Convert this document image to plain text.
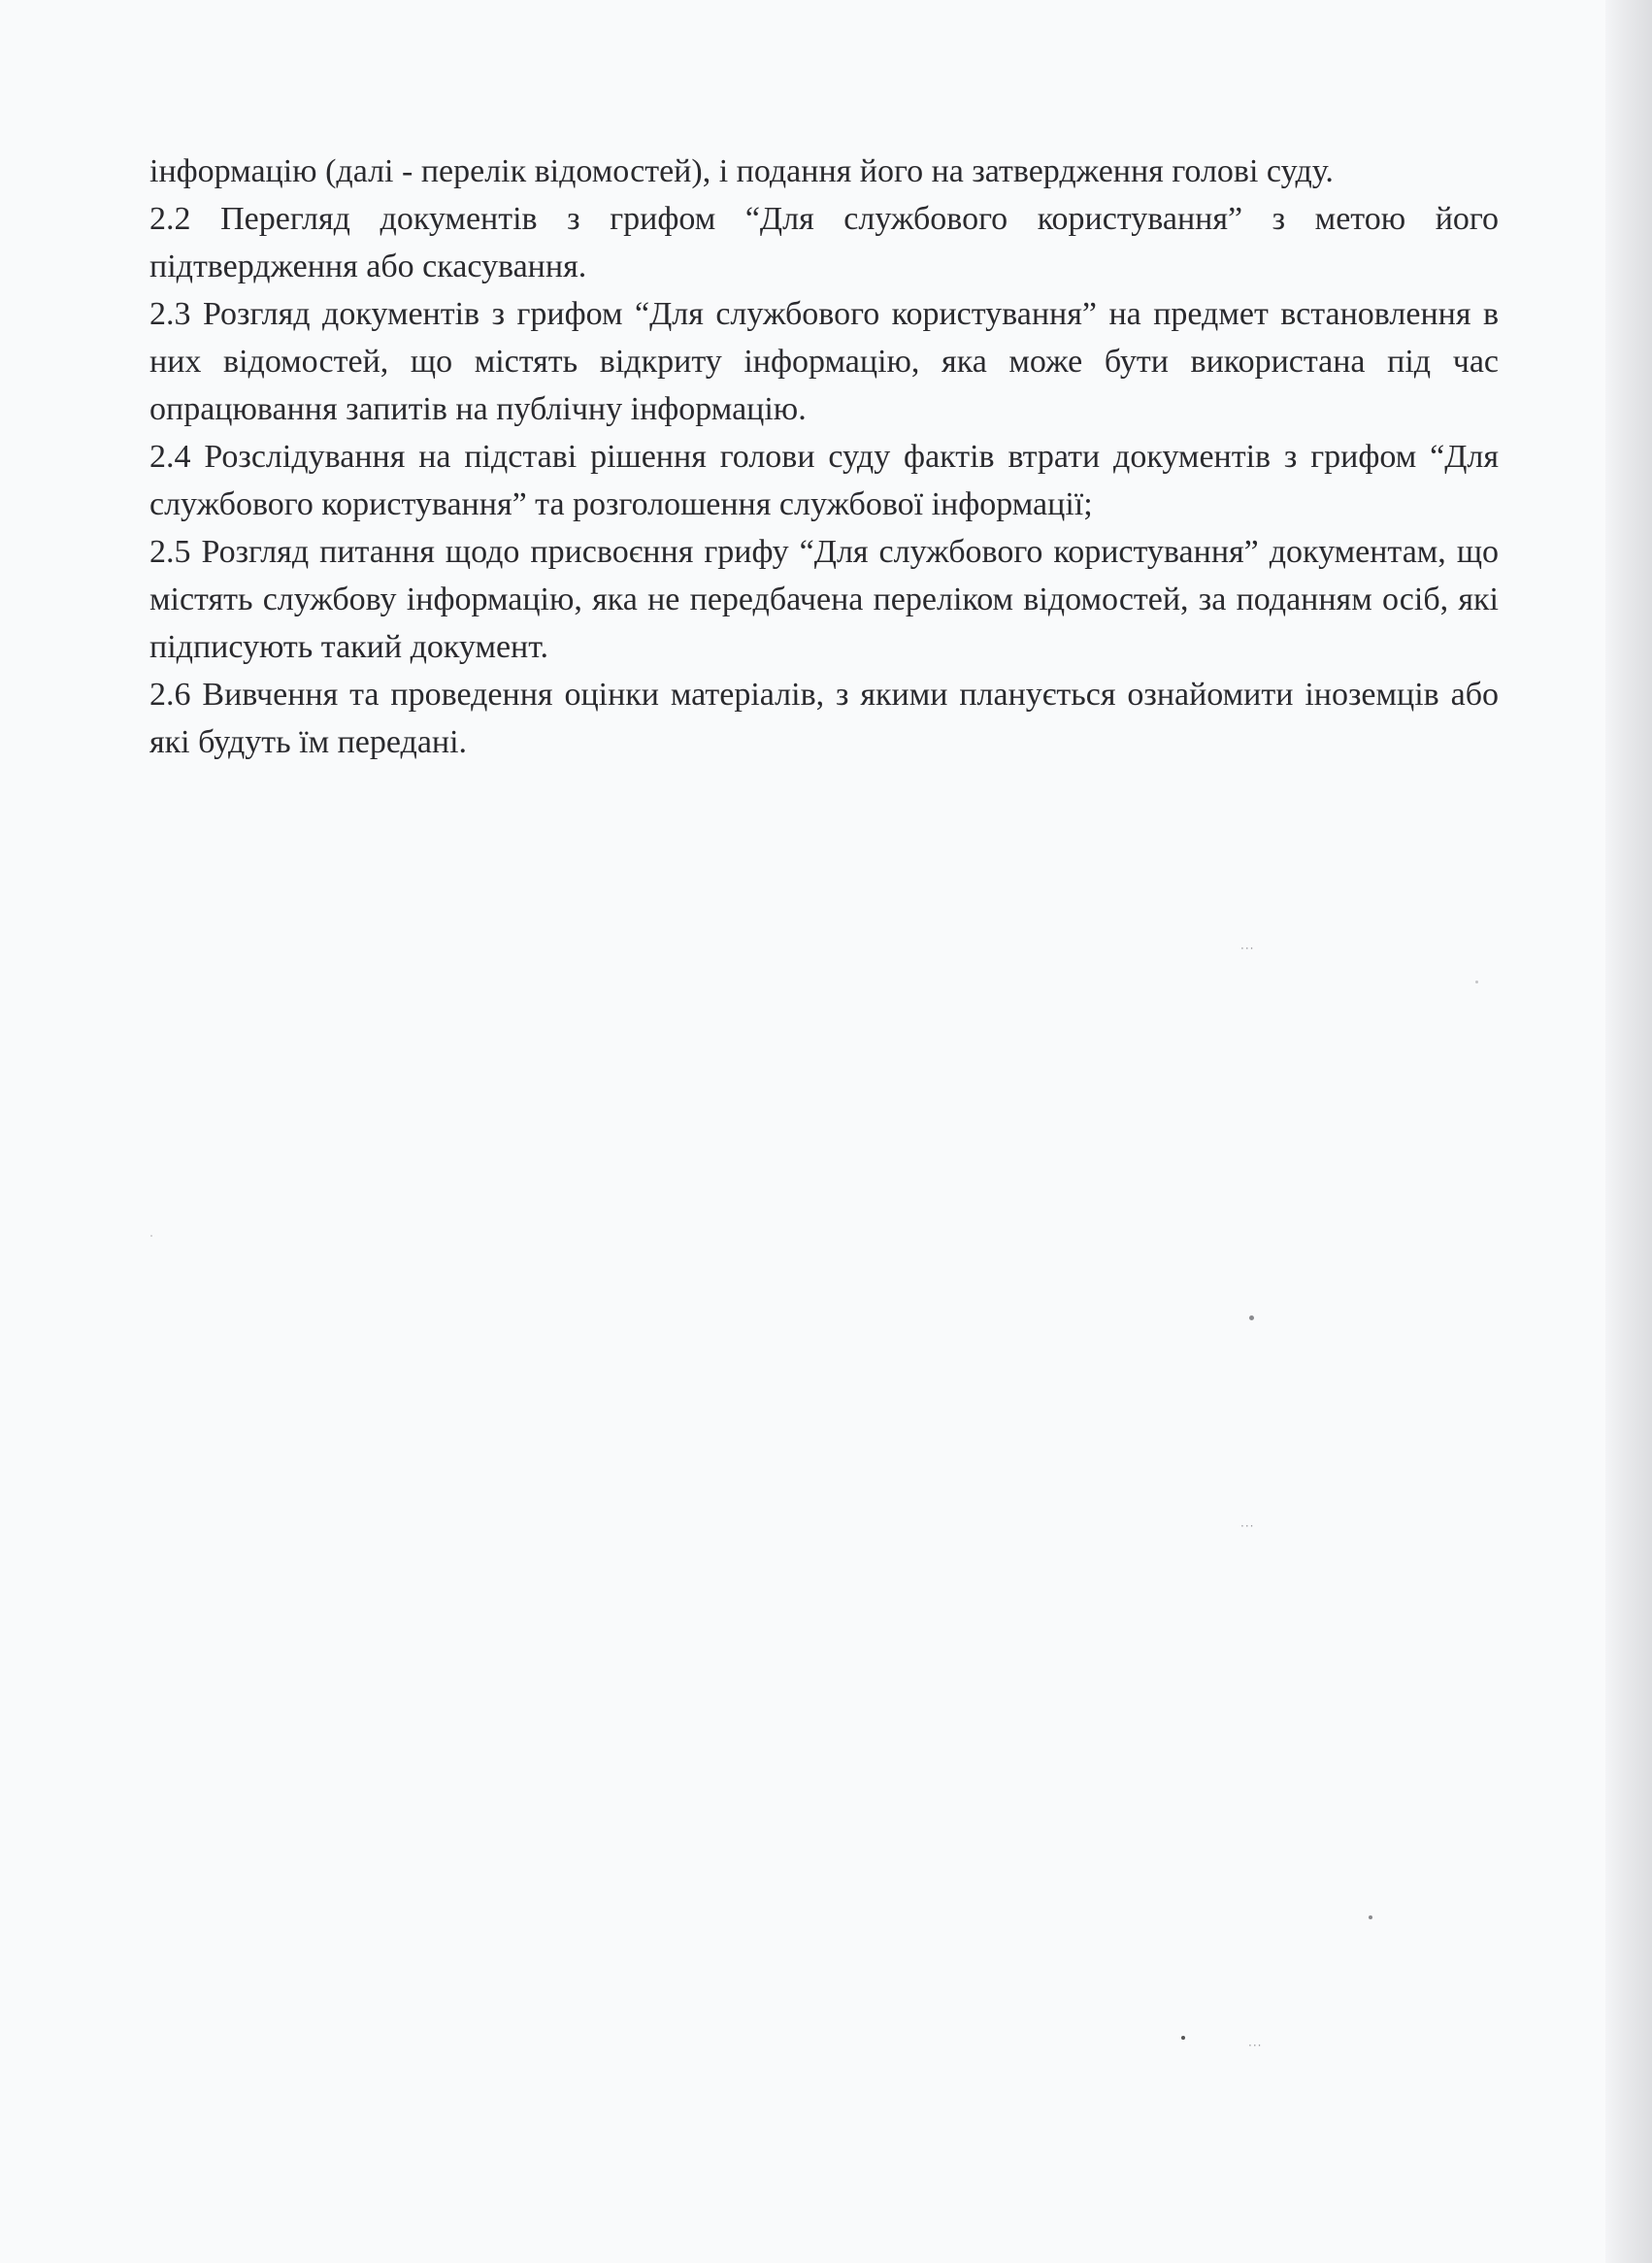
інформацію (далі - перелік відомостей), і подання його на затвердження голові суду.

2.2 Перегляд документів з грифом “Для службового користування” з метою його підтвердження або скасування.

2.3 Розгляд документів з грифом “Для службового користування” на предмет встановлення в них відомостей, що містять відкриту інформацію, яка може бути використана під час опрацювання запитів на публічну інформацію.

2.4 Розслідування на підставі рішення голови суду фактів втрати документів з грифом “Для службового користування” та розголошення службової інформації;

2.5 Розгляд питання щодо присвоєння грифу “Для службового користування” документам, що містять службову інформацію, яка не передбачена переліком відомостей, за поданням осіб, які підписують такий документ.

2.6 Вивчення та проведення оцінки матеріалів, з якими планується ознайомити іноземців або які будуть їм передані.

···
···
···
